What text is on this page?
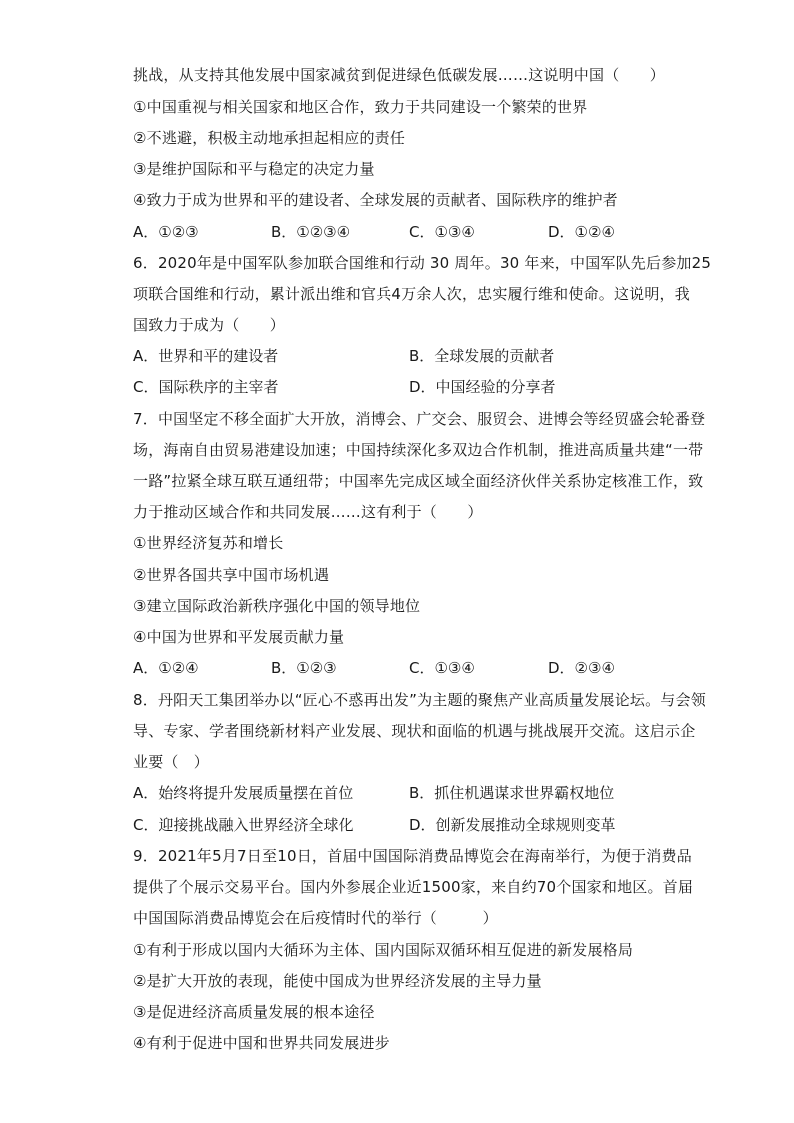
挑战，从支持其他发展中国家减贫到促进绿色低碳发展……这说明中国（　　）
①中国重视与相关国家和地区合作，致力于共同建设一个繁荣的世界
②不逃避，积极主动地承担起相应的责任
③是维护国际和平与稳定的决定力量
④致力于成为世界和平的建设者、全球发展的贡献者、国际秩序的维护者
A．①②③	B．①②③④	C．①③④	D．①②④
6．2020年是中国军队参加联合国维和行动 30 周年。30 年来，中国军队先后参加25
项联合国维和行动，累计派出维和官兵4万余人次，忠实履行维和使命。这说明，我
国致力于成为（　　）
A．世界和平的建设者	B．全球发展的贡献者
C．国际秩序的主宰者	D．中国经验的分享者
7．中国坚定不移全面扩大开放，消博会、广交会、服贸会、进博会等经贸盛会轮番登
场，海南自由贸易港建设加速；中国持续深化多双边合作机制，推进高质量共建“一带
一路”拉紧全球互联互通纽带；中国率先完成区域全面经济伙伴关系协定核准工作，致
力于推动区域合作和共同发展……这有利于（　　）
①世界经济复苏和增长
②世界各国共享中国市场机遇
③建立国际政治新秩序强化中国的领导地位
④中国为世界和平发展贡献力量
A．①②④	B．①②③	C．①③④	D．②③④
8．丹阳天工集团举办以“匠心不惑再出发”为主题的聚焦产业高质量发展论坛。与会领
导、专家、学者围绕新材料产业发展、现状和面临的机遇与挑战展开交流。这启示企
业要（　）
A．始终将提升发展质量摆在首位	B．抓住机遇谋求世界霸权地位
C．迎接挑战融入世界经济全球化	D．创新发展推动全球规则变革
9．2021年5月7日至10日，首届中国国际消费品博览会在海南举行，为便于消费品
提供了个展示交易平台。国内外参展企业近1500家，来自约70个国家和地区。首届
中国国际消费品博览会在后疫情时代的举行（　　　）
①有利于形成以国内大循环为主体、国内国际双循环相互促进的新发展格局
②是扩大开放的表现，能使中国成为世界经济发展的主导力量
③是促进经济高质量发展的根本途径
④有利于促进中国和世界共同发展进步
